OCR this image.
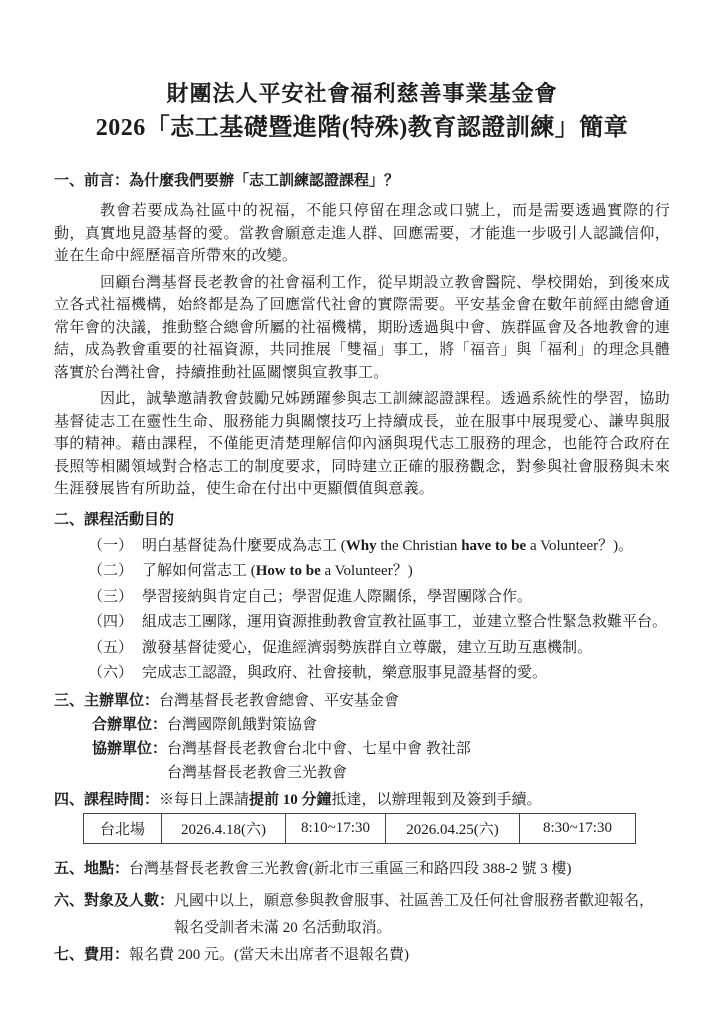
財團法人平安社會福利慈善事業基金會
2026「志工基礎暨進階(特殊)教育認證訓練」簡章
一、前言：為什麼我們要辦「志工訓練認證課程」？

教會若要成為社區中的祝福，不能只停留在理念或口號上，而是需要透過實際的行動，真實地見證基督的愛。當教會願意走進人群、回應需要，才能進一步吸引人認識信仰，並在生命中經歷福音所帶來的改變。

回顧台灣基督長老教會的社會福利工作，從早期設立教會醫院、學校開始，到後來成立各式社福機構，始終都是為了回應當代社會的實際需要。平安基金會在數年前經由總會通常年會的決議，推動整合總會所屬的社福機構，期盼透過與中會、族群區會及各地教會的連結，成為教會重要的社福資源，共同推展「雙福」事工，將「福音」與「福利」的理念具體落實於台灣社會，持續推動社區關懷與宣教事工。

因此，誠摯邀請教會鼓勵兄姊踴躍參與志工訓練認證課程。透過系統性的學習，協助基督徒志工在靈性生命、服務能力與關懷技巧上持續成長，並在服事中展現愛心、謙卑與服事的精神。藉由課程，不僅能更清楚理解信仰內涵與現代志工服務的理念，也能符合政府在長照等相關領域對合格志工的制度要求，同時建立正確的服務觀念，對參與社會服務與未來生涯發展皆有所助益，使生命在付出中更顯價值與意義。

二、課程活動目的
（一） 明白基督徒為什麼要成為志工 (Why the Christian have to be a Volunteer？)。
（二） 了解如何當志工 (How to be a Volunteer？)
（三） 學習接納與肯定自己；學習促進人際關係，學習團隊合作。
（四） 組成志工團隊，運用資源推動教會宣教社區事工，並建立整合性緊急救難平台。
（五） 激發基督徒愛心，促進經濟弱勢族群自立尊嚴，建立互助互惠機制。
（六） 完成志工認證，與政府、社會接軌，樂意服事見證基督的愛。
三、主辦單位：台灣基督長老教會總會、平安基金會
合辦單位：台灣國際飢餓對策協會
協辦單位：台灣基督長老教會台北中會、七星中會 教社部
台灣基督長老教會三光教會
四、課程時間：※每日上課請提前 10 分鐘抵達，以辦理報到及簽到手續。
台北場	2026.4.18(六)	8:10~17:30	2026.04.25(六)	8:30~17:30
五、地點：台灣基督長老教會三光教會(新北市三重區三和路四段 388-2 號 3 樓)
六、對象及人數： 凡國中以上，願意參與教會服事、社區善工及任何社會服務者歡迎報名，
報名受訓者未滿 20 名活動取消。
七、費用：報名費 200 元。(當天未出席者不退報名費)
